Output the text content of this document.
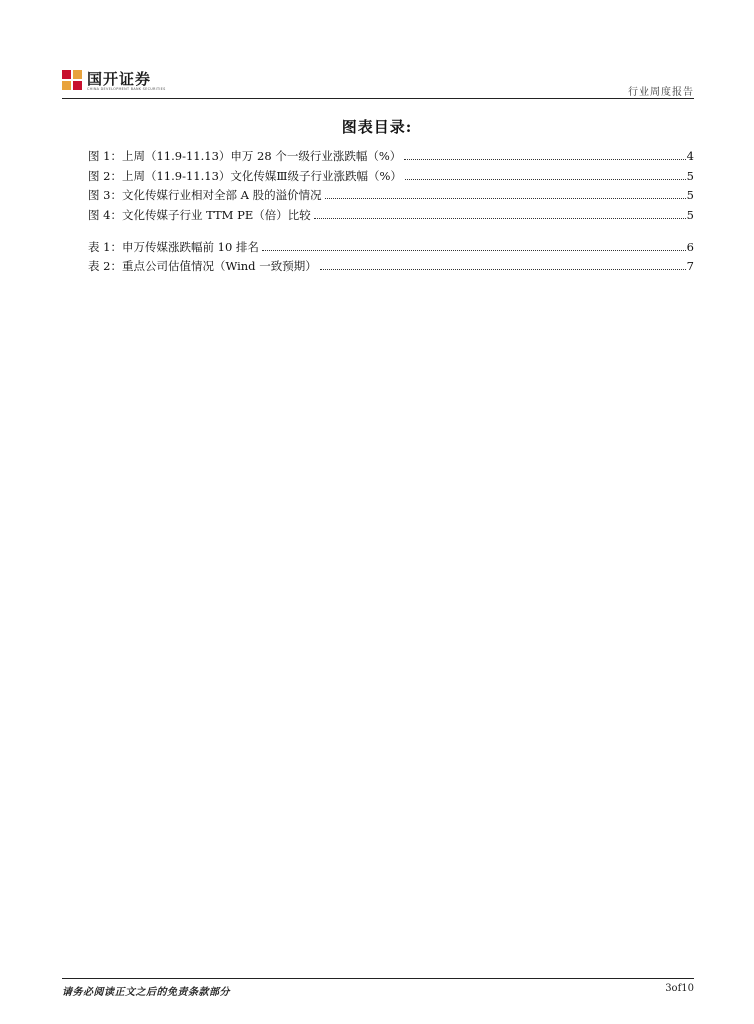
国开证券
CHINA DEVELOPMENT BANK SECURITIES	行业周度报告
图表目录:
图 1：上周（11.9-11.13）申万 28 个一级行业涨跌幅（%）	4
图 2：上周（11.9-11.13）文化传媒Ⅲ级子行业涨跌幅（%）	5
图 3：文化传媒行业相对全部 A 股的溢价情况	5
图 4：文化传媒子行业 TTM PE（倍）比较	5
表 1：申万传媒涨跌幅前 10 排名	6
表 2：重点公司估值情况（Wind 一致预期）	7
请务必阅读正文之后的免责条款部分	3of10
